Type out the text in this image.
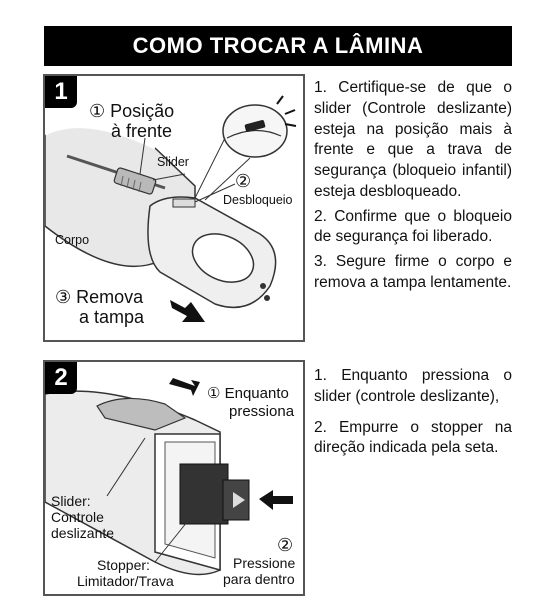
COMO TROCAR A LÂMINA
1
① Posição
à frente
Slider
②
Desbloqueio
Corpo
③ Remova
a tampa
2
① Enquanto
pressiona
Slider:
Controle
deslizante
②
Pressione
para dentro
Stopper:
Limitador/Trava

1. Certifique-se de que o slider (Controle deslizante) esteja na posição mais à frente e que a trava de segurança (bloqueio infantil) esteja desbloqueado.

2. Confirme que o bloqueio de segurança foi liberado.

3. Segure firme o corpo e remova a tampa lentamente.

1. Enquanto pressiona o slider (controle deslizante),

2. Empurre o stopper na direção indicada pela seta.
